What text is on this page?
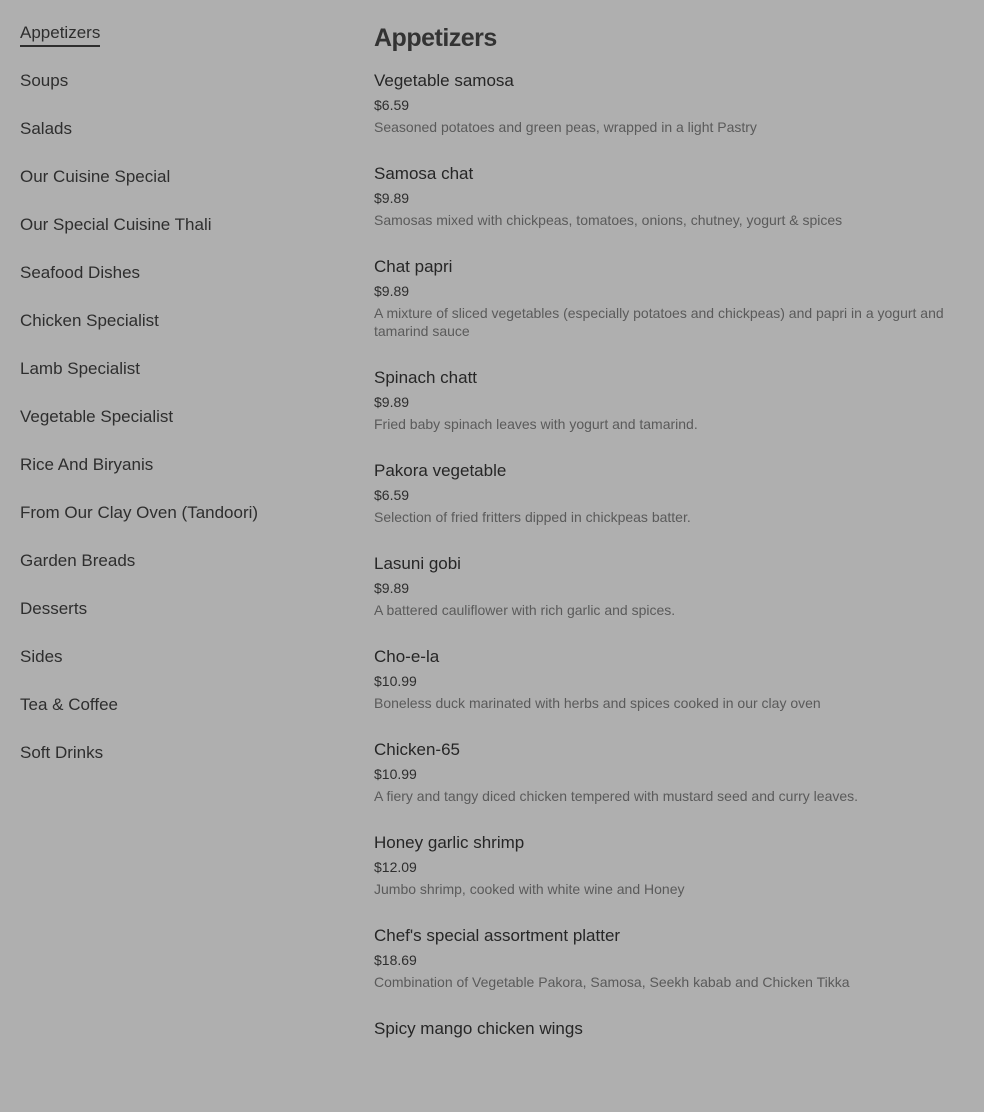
Appetizers
Soups
Salads
Our Cuisine Special
Our Special Cuisine Thali
Seafood Dishes
Chicken Specialist
Lamb Specialist
Vegetable Specialist
Rice And Biryanis
From Our Clay Oven (Tandoori)
Garden Breads
Desserts
Sides
Tea & Coffee
Soft Drinks
Appetizers
Vegetable samosa
$6.59
Seasoned potatoes and green peas, wrapped in a light Pastry
Samosa chat
$9.89
Samosas mixed with chickpeas, tomatoes, onions, chutney, yogurt & spices
Chat papri
$9.89
A mixture of sliced vegetables (especially potatoes and chickpeas) and papri in a yogurt and tamarind sauce
Spinach chatt
$9.89
Fried baby spinach leaves with yogurt and tamarind.
Pakora vegetable
$6.59
Selection of fried fritters dipped in chickpeas batter.
Lasuni gobi
$9.89
A battered cauliflower with rich garlic and spices.
Cho-e-la
$10.99
Boneless duck marinated with herbs and spices cooked in our clay oven
Chicken-65
$10.99
A fiery and tangy diced chicken tempered with mustard seed and curry leaves.
Honey garlic shrimp
$12.09
Jumbo shrimp, cooked with white wine and Honey
Chef's special assortment platter
$18.69
Combination of Vegetable Pakora, Samosa, Seekh kabab and Chicken Tikka
Spicy mango chicken wings
